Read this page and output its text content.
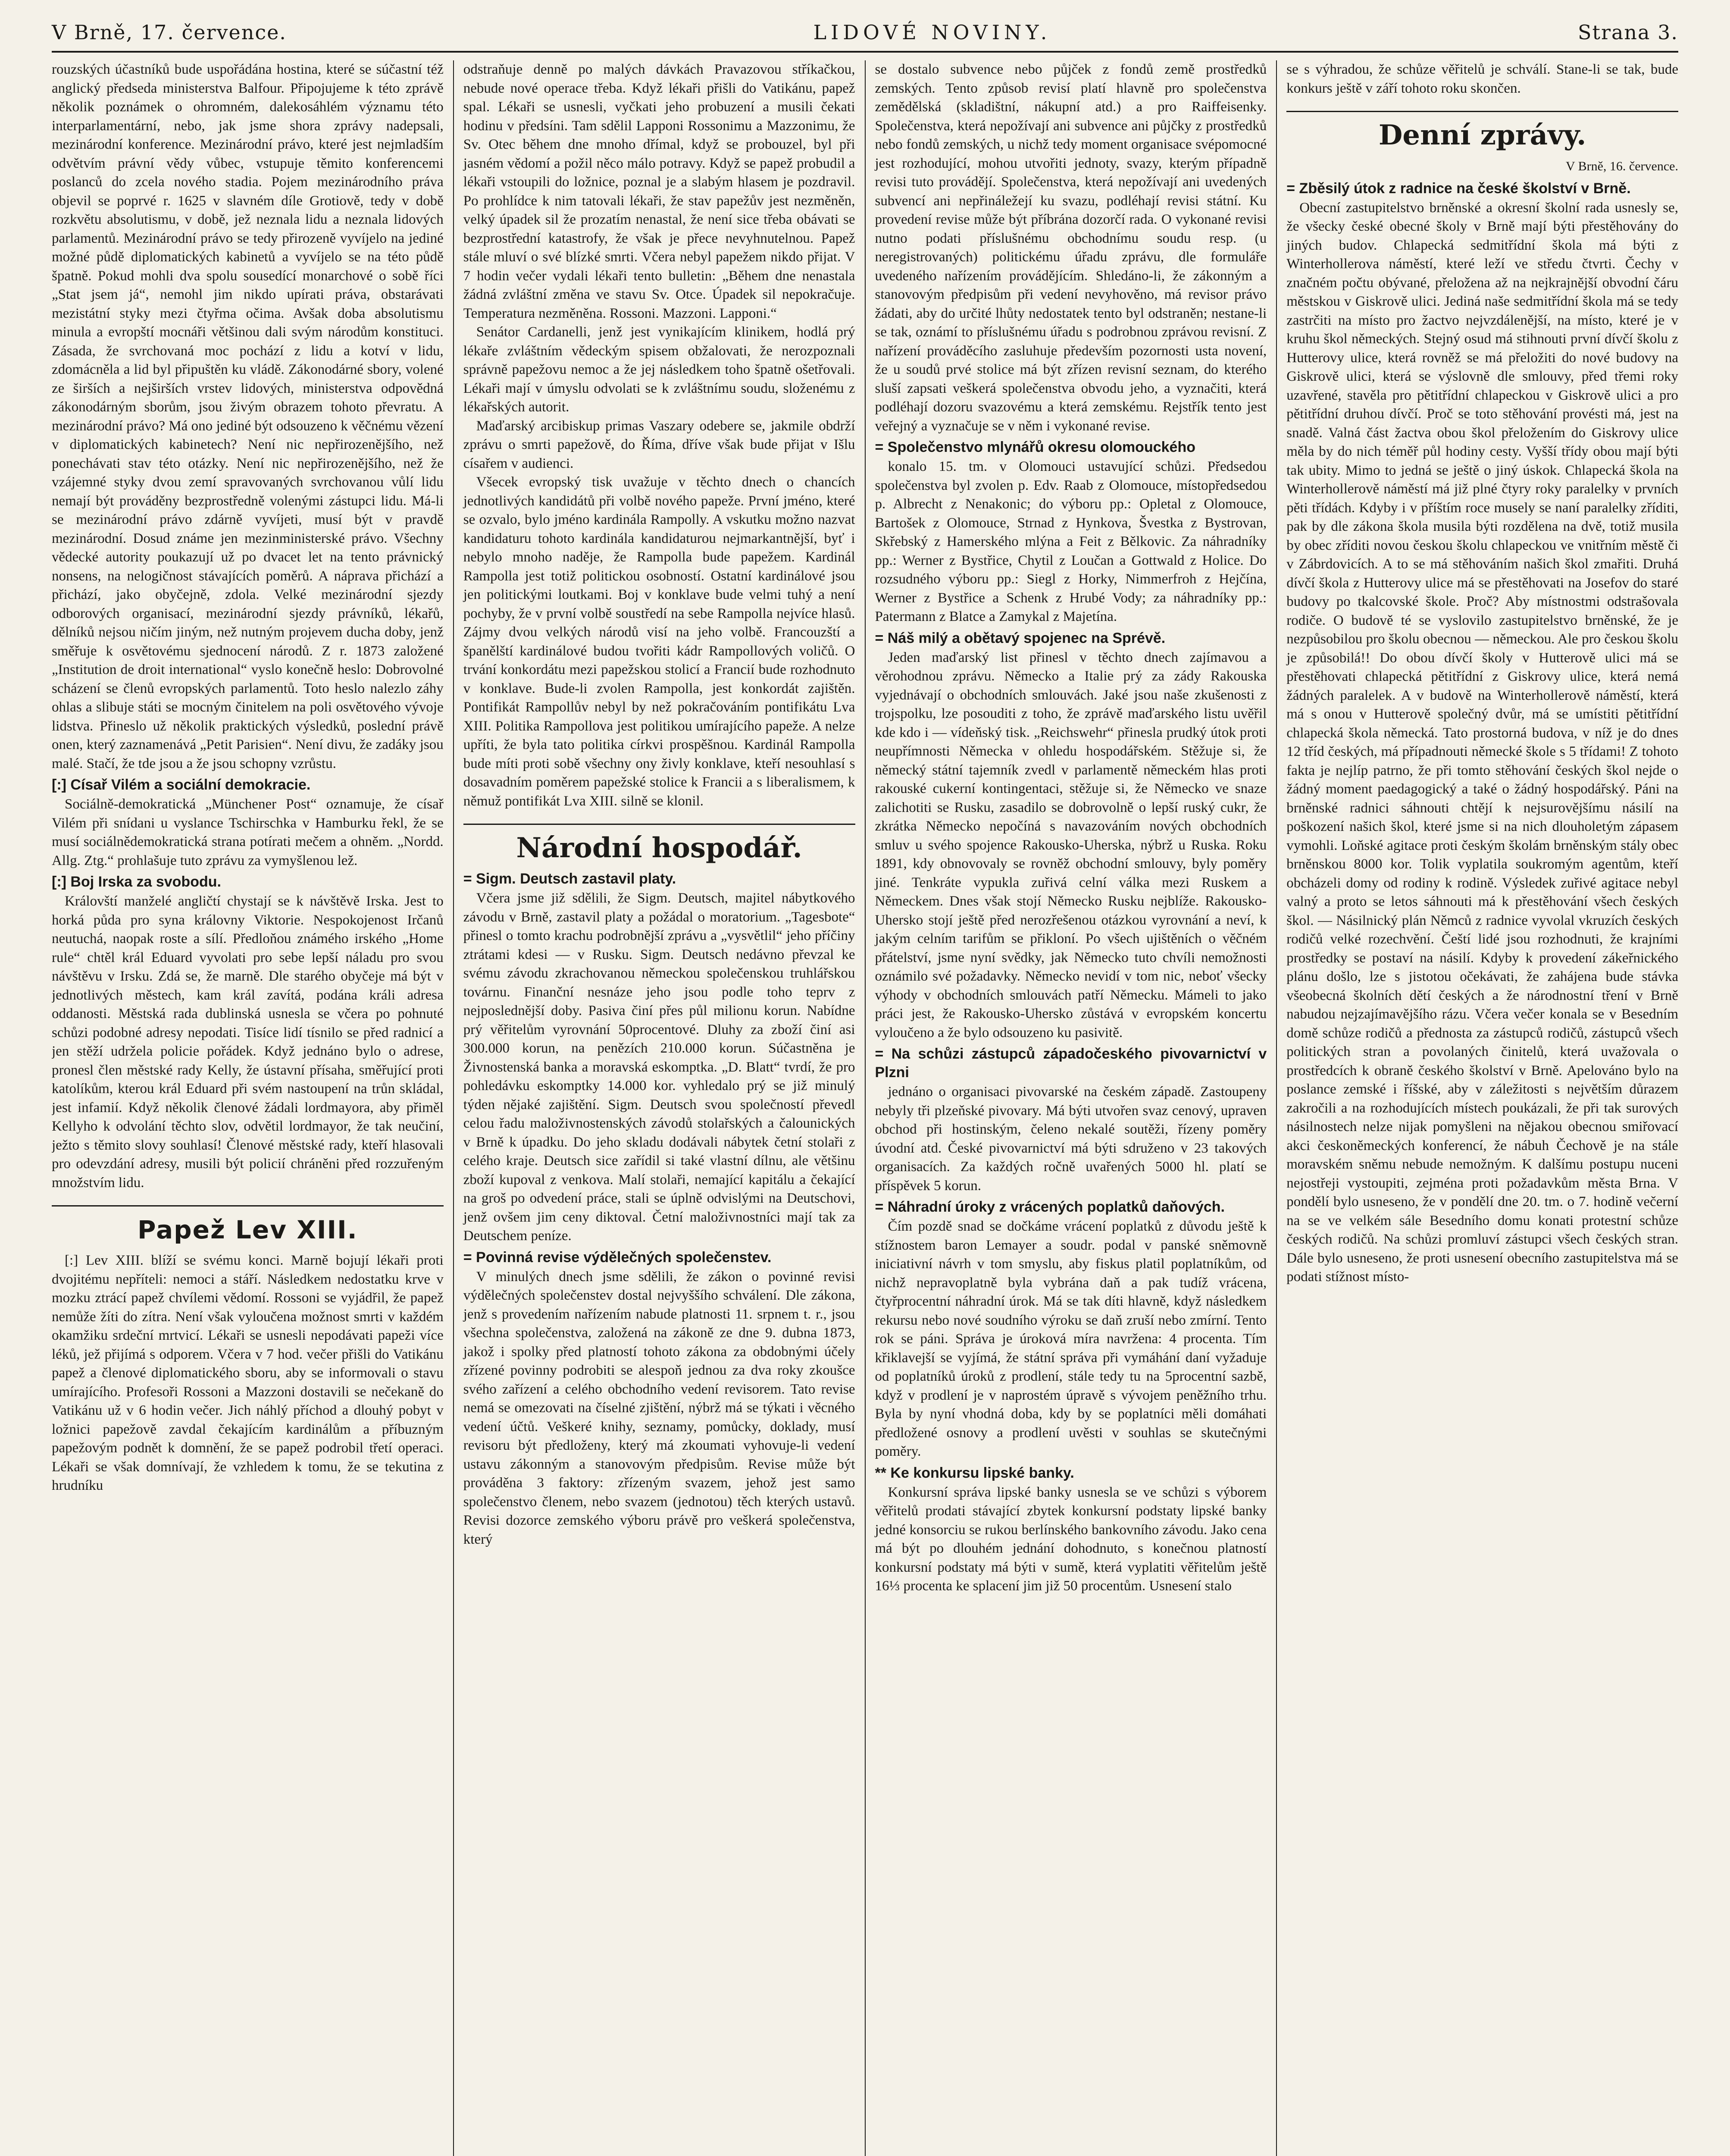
V Brně, 17. července.	LIDOVÉ NOVINY.	Strana 3.

rouzských účastníků bude uspořádána hostina, které se súčastní též anglický předseda ministerstva Balfour. Připojujeme k této zprávě několik poznámek o ohromném, dalekosáhlém významu této interparlamentární, nebo, jak jsme shora zprávy nadepsali, mezinárodní konference. Mezinárodní právo, které jest nejmladším odvětvím právní vědy vůbec, vstupuje těmito konferencemi poslanců do zcela nového stadia. Pojem mezinárodního práva objevil se poprvé r. 1625 v slavném díle Grotiově, tedy v době rozkvětu absolutismu, v době, jež neznala lidu a neznala lidových parlamentů. Mezinárodní právo se tedy přirozeně vyvíjelo na jediné možné půdě diplomatických kabinetů a vyvíjelo se na této půdě špatně. Pokud mohli dva spolu sousedící monarchové o sobě říci „Stat jsem já“, nemohl jim nikdo upírati práva, obstarávati mezistátní styky mezi čtyřma očima. Avšak doba absolutismu minula a evropští mocnáři většinou dali svým národům konstituci. Zásada, že svrchovaná moc pochází z lidu a kotví v lidu, zdomácněla a lid byl připuštěn ku vládě. Zákonodárné sbory, volené ze širších a nejširších vrstev lidových, ministerstva odpovědná zákonodárným sborům, jsou živým obrazem tohoto převratu. A mezinárodní právo? Má ono jediné být odsouzeno k věčnému vězení v diplomatických kabinetech? Není nic nepřirozenějšího, než ponechávati stav této otázky. Není nic nepřirozenějšího, než že vzájemné styky dvou zemí spravovaných svrchovanou vůlí lidu nemají být prováděny bezprostředně volenými zástupci lidu. Má-li se mezinárodní právo zdárně vyvíjeti, musí být v pravdě mezinárodní. Dosud známe jen mezinministerské právo. Všechny vědecké autority poukazují už po dvacet let na tento právnický nonsens, na nelogičnost stávajících poměrů. A náprava přichází a přichází, jako obyčejně, zdola. Velké mezinárodní sjezdy odborových organisací, mezinárodní sjezdy právníků, lékařů, dělníků nejsou ničím jiným, než nutným projevem ducha doby, jenž směřuje k osvětovému sjednocení národů. Z r. 1873 založené „Institution de droit international“ vyslo konečně heslo: Dobrovolné scházení se členů evropských parlamentů. Toto heslo nalezlo záhy ohlas a slibuje státi se mocným činitelem na poli osvětového vývoje lidstva. Přineslo už několik praktických výsledků, poslední právě onen, který zaznamenává „Petit Parisien“. Není divu, že zadáky jsou malé. Stačí, že tde jsou a že jsou schopny vzrůstu.

[:] Císař Vilém a sociální demokracie.

Sociálně-demokratická „Münchener Post“ oznamuje, že císař Vilém při snídani u vyslance Tschirschka v Hamburku řekl, že se musí sociálnědemokratická strana potírati mečem a ohněm. „Nordd. Allg. Ztg.“ prohlašuje tuto zprávu za vymyšlenou lež.

[:] Boj Irska za svobodu.

Královští manželé angličtí chystají se k návštěvě Irska. Jest to horká půda pro syna královny Viktorie. Nespokojenost Irčanů neutuchá, naopak roste a sílí. Předloňou známého irského „Home rule“ chtěl král Eduard vyvolati pro sebe lepší náladu pro svou návštěvu v Irsku. Zdá se, že marně. Dle starého obyčeje má být v jednotlivých městech, kam král zavítá, podána králi adresa oddanosti. Městská rada dublinská usnesla se včera po pohnuté schůzi podobné adresy nepodati. Tisíce lidí tísnilo se před radnicí a jen stěží udržela policie pořádek. Když jednáno bylo o adrese, pronesl člen městské rady Kelly, že ústavní přísaha, směřující proti katolíkům, kterou král Eduard při svém nastoupení na trůn skládal, jest infamií. Když několik členové žádali lordmayora, aby přiměl Kellyho k odvolání těchto slov, odvětil lordmayor, že tak neučiní, ježto s těmito slovy souhlasí! Členové městské rady, kteří hlasovali pro odevzdání adresy, musili být policií chráněni před rozzuřeným množstvím lidu.

Papež Lev XIII.

[:] Lev XIII. blíží se svému konci. Marně bojují lékaři proti dvojitému nepříteli: nemoci a stáří. Následkem nedostatku krve v mozku ztrácí papež chvílemi vědomí. Rossoni se vyjádřil, že papež nemůže žíti do zítra. Není však vyloučena možnost smrti v každém okamžiku srdeční mrtvicí. Lékaři se usnesli nepodávati papeži více léků, jež přijímá s odporem. Včera v 7 hod. večer přišli do Vatikánu papež a členové diplomatického sboru, aby se informovali o stavu umírajícího. Profesoři Rossoni a Mazzoni dostavili se nečekaně do Vatikánu už v 6 hodin večer. Jich náhlý příchod a dlouhý pobyt v ložnici papežově zavdal čekajícím kardinálům a příbuzným papežovým podnět k domnění, že se papež podrobil třetí operaci. Lékaři se však domnívají, že vzhledem k tomu, že se tekutina z hrudníku

odstraňuje denně po malých dávkách Pravazovou stříkačkou, nebude nové operace třeba. Když lékaři přišli do Vatikánu, papež spal. Lékaři se usnesli, vyčkati jeho probuzení a musili čekati hodinu v předsíni. Tam sdělil Lapponi Rossonimu a Mazzonimu, že Sv. Otec během dne mnoho dřímal, když se probouzel, byl při jasném vědomí a požil něco málo potravy. Když se papež probudil a lékaři vstoupili do ložnice, poznal je a slabým hlasem je pozdravil. Po prohlídce k nim tatovali lékaři, že stav papežův jest nezměněn, velký úpadek sil že prozatím nenastal, že není sice třeba obávati se bezprostřední katastrofy, že však je přece nevyhnutelnou. Papež stále mluví o své blízké smrti. Včera nebyl papežem nikdo přijat. V 7 hodin večer vydali lékaři tento bulletin: „Během dne nenastala žádná zvláštní změna ve stavu Sv. Otce. Úpadek sil nepokračuje. Temperatura nezměněna. Rossoni. Mazzoni. Lapponi.“

Senátor Cardanelli, jenž jest vynikajícím klinikem, hodlá prý lékaře zvláštním vědeckým spisem obžalovati, že nerozpoznali správně papežovu nemoc a že jej následkem toho špatně ošetřovali. Lékaři mají v úmyslu odvolati se k zvláštnímu soudu, složenému z lékařských autorit.

Maďarský arcibiskup primas Vaszary odebere se, jakmile obdrží zprávu o smrti papežově, do Říma, dříve však bude přijat v Išlu císařem v audienci.

Všecek evropský tisk uvažuje v těchto dnech o chancích jednotlivých kandidátů při volbě nového papeže. První jméno, které se ozvalo, bylo jméno kardinála Rampolly. A vskutku možno nazvat kandidaturu tohoto kardinála kandidaturou nejmarkantnější, byť i nebylo mnoho naděje, že Rampolla bude papežem. Kardinál Rampolla jest totiž politickou osobností. Ostatní kardinálové jsou jen politickými loutkami. Boj v konklave bude velmi tuhý a není pochyby, že v první volbě soustředí na sebe Rampolla nejvíce hlasů. Zájmy dvou velkých národů visí na jeho volbě. Francouzští a španělští kardinálové budou tvořiti kádr Rampollových voličů. O trvání konkordátu mezi papežskou stolicí a Francií bude rozhodnuto v konklave. Bude-li zvolen Rampolla, jest konkordát zajištěn. Pontifikát Rampollův nebyl by než pokračováním pontifikátu Lva XIII. Politika Rampollova jest politikou umírajícího papeže. A nelze upříti, že byla tato politika církvi prospěšnou. Kardinál Rampolla bude míti proti sobě všechny ony živly konklave, kteří nesouhlasí s dosavadním poměrem papežské stolice k Francii a s liberalismem, k němuž pontifikát Lva XIII. silně se klonil.

Národní hospodář.
= Sigm. Deutsch zastavil platy.

Včera jsme již sdělili, že Sigm. Deutsch, majitel nábytkového závodu v Brně, zastavil platy a požádal o moratorium. „Tagesbote“ přinesl o tomto krachu podrobnější zprávu a „vysvětlil“ jeho příčiny ztrátami kdesi — v Rusku. Sigm. Deutsch nedávno převzal ke svému závodu zkrachovanou německou společenskou truhlářskou továrnu. Finanční nesnáze jeho jsou podle toho teprv z nejposlednější doby. Pasiva činí přes půl milionu korun. Nabídne prý věřitelům vyrovnání 50procentové. Dluhy za zboží činí asi 300.000 korun, na penězích 210.000 korun. Súčastněna je Živnostenská banka a moravská eskomptka. „D. Blatt“ tvrdí, že pro pohledávku eskomptky 14.000 kor. vyhledalo prý se již minulý týden nějaké zajištění. Sigm. Deutsch svou společností převedl celou řadu maloživnostenských závodů stolařských a čalounických v Brně k úpadku. Do jeho skladu dodávali nábytek četní stolaři z celého kraje. Deutsch sice zařídil si také vlastní dílnu, ale většinu zboží kupoval z venkova. Malí stolaři, nemající kapitálu a čekající na groš po odvedení práce, stali se úplně odvislými na Deutschovi, jenž ovšem jim ceny diktoval. Četní maloživnostníci mají tak za Deutschem peníze.

= Povinná revise výdělečných společenstev.

V minulých dnech jsme sdělili, že zákon o povinné revisi výdělečných společenstev dostal nejvyššího schválení. Dle zákona, jenž s provedením nařízením nabude platnosti 11. srpnem t. r., jsou všechna společenstva, založená na zákoně ze dne 9. dubna 1873, jakož i spolky před platností tohoto zákona za obdobnými účely zřízené povinny podrobiti se alespoň jednou za dva roky zkoušce svého zařízení a celého obchodního vedení revisorem. Tato revise nemá se omezovati na číselné zjištění, nýbrž má se týkati i věcného vedení účtů. Veškeré knihy, seznamy, pomůcky, doklady, musí revisoru být předloženy, který má zkoumati vyhovuje-li vedení ustavu zákonným a stanovovým předpisům. Revise může být prováděna 3 faktory: zřízeným svazem, jehož jest samo společenstvo členem, nebo svazem (jednotou) těch kterých ustavů. Revisi dozorce zemského výboru právě pro veškerá společenstva, který

se dostalo subvence nebo půjček z fondů země prostředků zemských. Tento způsob revisí platí hlavně pro společenstva zemědělská (skladištní, nákupní atd.) a pro Raiffeisenky. Společenstva, která nepožívají ani subvence ani půjčky z prostředků nebo fondů zemských, u nichž tedy moment organisace svépomocné jest rozhodující, mohou utvořiti jednoty, svazy, kterým případně revisi tuto provádějí. Společenstva, která nepožívají ani uvedených subvencí ani nepřináležejí ku svazu, podléhají revisi státní. Ku provedení revise může být příbrána dozorčí rada. O vykonané revisi nutno podati příslušnému obchodnímu soudu resp. (u neregistrovaných) politickému úřadu zprávu, dle formuláře uvedeného nařízením provádějícím. Shledáno-li, že zákonným a stanovovým předpisům při vedení nevyhověno, má revisor právo žádati, aby do určité lhůty nedostatek tento byl odstraněn; nestane-li se tak, oznámí to příslušnému úřadu s podrobnou zprávou revisní. Z nařízení prováděcího zasluhuje především pozornosti usta novení, že u soudů prvé stolice má být zřízen revisní seznam, do kterého sluší zapsati veškerá společenstva obvodu jeho, a vyznačiti, která podléhají dozoru svazovému a která zemskému. Rejstřík tento jest veřejný a vyznačuje se v něm i vykonané revise.

= Společenstvo mlynářů okresu olomouckého

konalo 15. tm. v Olomouci ustavující schůzi. Předsedou společenstva byl zvolen p. Edv. Raab z Olomouce, místopředsedou p. Albrecht z Nenakonic; do výboru pp.: Opletal z Olomouce, Bartošek z Olomouce, Strnad z Hynkova, Švestka z Bystrovan, Skřebský z Hamerského mlýna a Feit z Bělkovic. Za náhradníky pp.: Werner z Bystřice, Chytil z Loučan a Gottwald z Holice. Do rozsudného výboru pp.: Siegl z Horky, Nimmerfroh z Hejčína, Werner z Bystřice a Schenk z Hrubé Vody; za náhradníky pp.: Patermann z Blatce a Zamykal z Majetína.

= Náš milý a obětavý spojenec na Sprévě.

Jeden maďarský list přinesl v těchto dnech zajímavou a věrohodnou zprávu. Německo a Italie prý za zády Rakouska vyjednávají o obchodních smlouvách. Jaké jsou naše zkušenosti z trojspolku, lze posouditi z toho, že zprávě maďarského listu uvěřil kde kdo i — vídeňský tisk. „Reichswehr“ přinesla prudký útok proti neupřímnosti Německa v ohledu hospodářském. Stěžuje si, že německý státní tajemník zvedl v parlamentě německém hlas proti rakouské cukerní kontingentaci, stěžuje si, že Německo ve snaze zalichotiti se Rusku, zasadilo se dobrovolně o lepší ruský cukr, že zkrátka Německo nepočíná s navazováním nových obchodních smluv u svého spojence Rakousko-Uherska, nýbrž u Ruska. Roku 1891, kdy obnovovaly se rovněž obchodní smlouvy, byly poměry jiné. Tenkráte vypukla zuřivá celní válka mezi Ruskem a Německem. Dnes však stojí Německo Rusku nejblíže. Rakousko-Uhersko stojí ještě před nerozřešenou otázkou vyrovnání a neví, k jakým celním tarifům se přikloní. Po všech ujištěních o věčném přátelství, jsme nyní svědky, jak Německo tuto chvíli nemožnosti oznámilo své požadavky. Německo nevidí v tom nic, neboť všecky výhody v obchodních smlouvách patří Německu. Mámeli to jako práci jest, že Rakousko-Uhersko zůstává v evropském koncertu vyloučeno a že bylo odsouzeno ku pasivitě.

= Na schůzi zástupců západočeského pivovarnictví v Plzni

jednáno o organisaci pivovarské na českém západě. Zastoupeny nebyly tři plzeňské pivovary. Má býti utvořen svaz cenový, upraven obchod při hostinským, čeleno nekalé soutěži, řízeny poměry úvodní atd. České pivovarnictví má býti sdruženo v 23 takových organisacích. Za každých ročně uvařených 5000 hl. platí se příspěvek 5 korun.

= Náhradní úroky z vrácených poplatků daňových.

Čím pozdě snad se dočkáme vrácení poplatků z důvodu ještě k stížnostem baron Lemayer a soudr. podal v panské sněmovně iniciativní návrh v tom smyslu, aby fiskus platil poplatníkům, od nichž nepravoplatně byla vybrána daň a pak tudíž vrácena, čtyřprocentní náhradní úrok. Má se tak díti hlavně, když následkem rekursu nebo nové soudního výroku se daň zruší nebo zmírní. Tento rok se páni. Správa je úroková míra navržena: 4 procenta. Tím křiklavejší se vyjímá, že státní správa při vymáhání daní vyžaduje od poplatníků úroků z prodlení, stále tedy tu na 5procentní sazbě, když v prodlení je v naprostém úpravě s vývojem peněžního trhu. Byla by nyní vhodná doba, kdy by se poplatníci měli domáhati předložené osnovy a prodlení uvěsti v souhlas se skutečnými poměry.

** Ke konkursu lipské banky.

Konkursní správa lipské banky usnesla se ve schůzi s výborem věřitelů prodati stávající zbytek konkursní podstaty lipské banky jedné konsorciu se rukou berlínského bankovního závodu. Jako cena má být po dlouhém jednání dohodnuto, s konečnou platností konkursní podstaty má býti v sumě, která vyplatiti věřitelům ještě 16⅓ procenta ke splacení jim již 50 procentům. Usnesení stalo

se s výhradou, že schůze věřitelů je schválí. Stane-li se tak, bude konkurs ještě v září tohoto roku skončen.

Denní zprávy.
V Brně, 16. července.
= Zběsilý útok z radnice na české školství v Brně.

Obecní zastupitelstvo brněnské a okresní školní rada usnesly se, že všecky české obecné školy v Brně mají býti přestěhovány do jiných budov. Chlapecká sedmitřídní škola má býti z Winterhollerova náměstí, které leží ve středu čtvrti. Čechy v značném počtu obývané, přeložena až na nejkrajnější obvodní čáru městskou v Giskrově ulici. Jediná naše sedmitřídní škola má se tedy zastrčiti na místo pro žactvo nejvzdálenější, na místo, které je v kruhu škol německých. Stejný osud má stihnouti první dívčí školu z Hutterovy ulice, která rovněž se má přeložiti do nové budovy na Giskrově ulici, která se výslovně dle smlouvy, před třemi roky uzavřené, stavěla pro pětitřídní chlapeckou v Giskrově ulici a pro pětitřídní druhou dívčí. Proč se toto stěhování provésti má, jest na snadě. Valná část žactva obou škol přeložením do Giskrovy ulice měla by do nich téměř půl hodiny cesty. Vyšší třídy obou mají býti tak ubity. Mimo to jedná se ještě o jiný úskok. Chlapecká škola na Winterhollerově náměstí má již plné čtyry roky paralelky v prvních pěti třídách. Kdyby i v příštím roce musely se naní paralelky zříditi, pak by dle zákona škola musila býti rozdělena na dvě, totiž musila by obec zříditi novou českou školu chlapeckou ve vnitřním městě či v Zábrdovicích. A to se má stěhováním našich škol zmařiti. Druhá dívčí škola z Hutterovy ulice má se přestěhovati na Josefov do staré budovy po tkalcovské škole. Proč? Aby místnostmi odstrašovala rodiče. O budově té se vyslovilo zastupitelstvo brněnské, že je nezpůsobilou pro školu obecnou — německou. Ale pro českou školu je způsobilá!! Do obou dívčí školy v Hutterově ulici má se přestěhovati chlapecká pětitřídní z Giskrovy ulice, která nemá žádných paralelek. A v budově na Winterhollerově náměstí, která má s onou v Hutterově společný dvůr, má se umístiti pětitřídní chlapecká škola německá. Tato prostorná budova, v níž je do dnes 12 tříd českých, má případnouti německé škole s 5 třídami! Z tohoto fakta je nejlíp patrno, že při tomto stěhování českých škol nejde o žádný moment paedagogický a také o žádný hospodářský. Páni na brněnské radnici sáhnouti chtějí k nejsurovějšímu násilí na poškození našich škol, které jsme si na nich dlouholetým zápasem vymohli. Loňské agitace proti českým školám brněnským stály obec brněnskou 8000 kor. Tolik vyplatila soukromým agentům, kteří obcházeli domy od rodiny k rodině. Výsledek zuřivé agitace nebyl valný a proto se letos sáhnouti má k přestěhování všech českých škol. — Násilnický plán Němců z radnice vyvolal vkruzích českých rodičů velké rozechvění. Čeští lidé jsou rozhodnuti, že krajními prostředky se postaví na násilí. Kdyby k provedení zákeřnického plánu došlo, lze s jistotou očekávati, že zahájena bude stávka všeobecná školních dětí českých a že národnostní tření v Brně nabudou nejzajímavějšího rázu. Včera večer konala se v Besedním domě schůze rodičů a přednosta za zástupců rodičů, zástupců všech politických stran a povolaných činitelů, která uvažovala o prostředcích k obraně českého školství v Brně. Apelováno bylo na poslance zemské i říšské, aby v záležitosti s největším důrazem zakročili a na rozhodujících místech poukázali, že při tak surových násilnostech nelze nijak pomyšleni na nějakou obecnou smiřovací akci českoněmeckých konferencí, že nábuh Čechově je na stále moravském sněmu nebude nemožným. K dalšímu postupu nuceni nejostřeji vystoupiti, zejména proti požadavkům města Brna. V pondělí bylo usneseno, že v pondělí dne 20. tm. o 7. hodině večerní na se ve velkém sále Besedního domu konati protestní schůze českých rodičů. Na schůzi promluví zástupci všech českých stran. Dále bylo usneseno, že proti usnesení obecního zastupitelstva má se podati stížnost místo-
